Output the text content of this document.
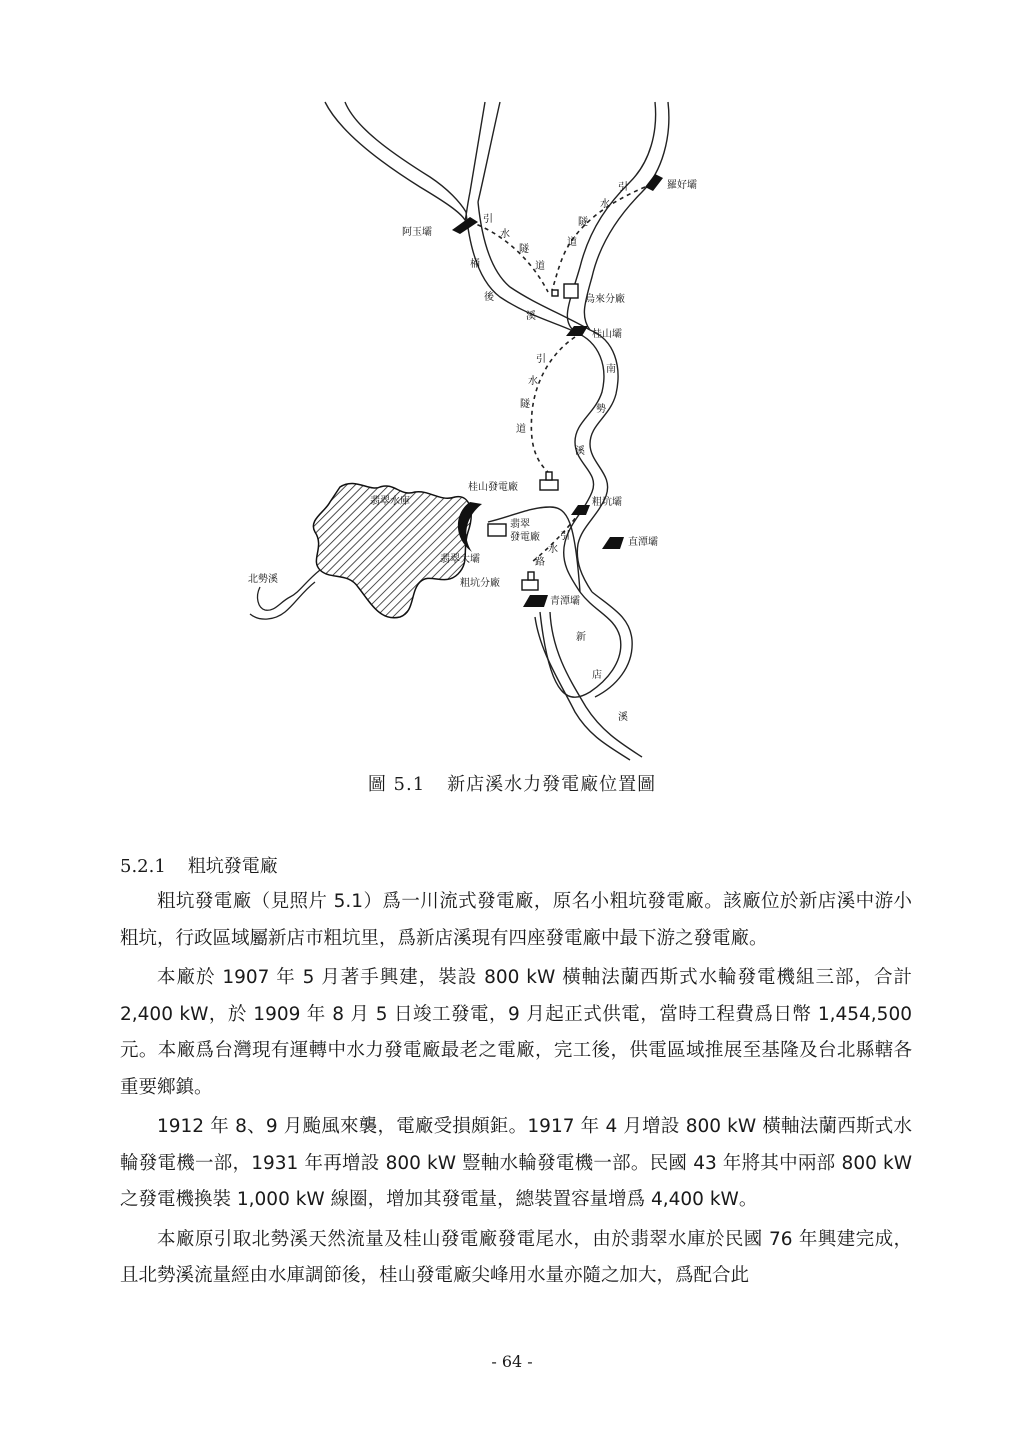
阿玉壩
羅好壩
烏來分廠
桂山壩
桂山發電廠
翡翠水庫
翡翠
發電廠
翡翠大壩
粗坑壩
直潭壩
粗坑分廠
青潭壩
北勢溪
引
水
隧
道
引
水
隧
道
桶
後
溪
引
水
隧
道
南
勢
溪
引
水
路
新
店
溪
圖 5.1 新店溪水力發電廠位置圖
5.2.1 粗坑發電廠

粗坑發電廠（見照片 5.1）爲一川流式發電廠，原名小粗坑發電廠。該廠位於新店溪中游小粗坑，行政區域屬新店市粗坑里，爲新店溪現有四座發電廠中最下游之發電廠。

本廠於 1907 年 5 月著手興建，裝設 800 kW 橫軸法蘭西斯式水輪發電機組三部，合計 2,400 kW，於 1909 年 8 月 5 日竣工發電，9 月起正式供電，當時工程費爲日幣 1,454,500 元。本廠爲台灣現有運轉中水力發電廠最老之電廠，完工後，供電區域推展至基隆及台北縣轄各重要鄉鎮。

1912 年 8、9 月颱風來襲，電廠受損頗鉅。1917 年 4 月增設 800 kW 橫軸法蘭西斯式水輪發電機一部，1931 年再增設 800 kW 豎軸水輪發電機一部。民國 43 年將其中兩部 800 kW 之發電機換裝 1,000 kW 線圈，增加其發電量，總裝置容量增爲 4,400 kW。

本廠原引取北勢溪天然流量及桂山發電廠發電尾水，由於翡翠水庫於民國 76 年興建完成，且北勢溪流量經由水庫調節後，桂山發電廠尖峰用水量亦隨之加大，爲配合此

- 64 -
